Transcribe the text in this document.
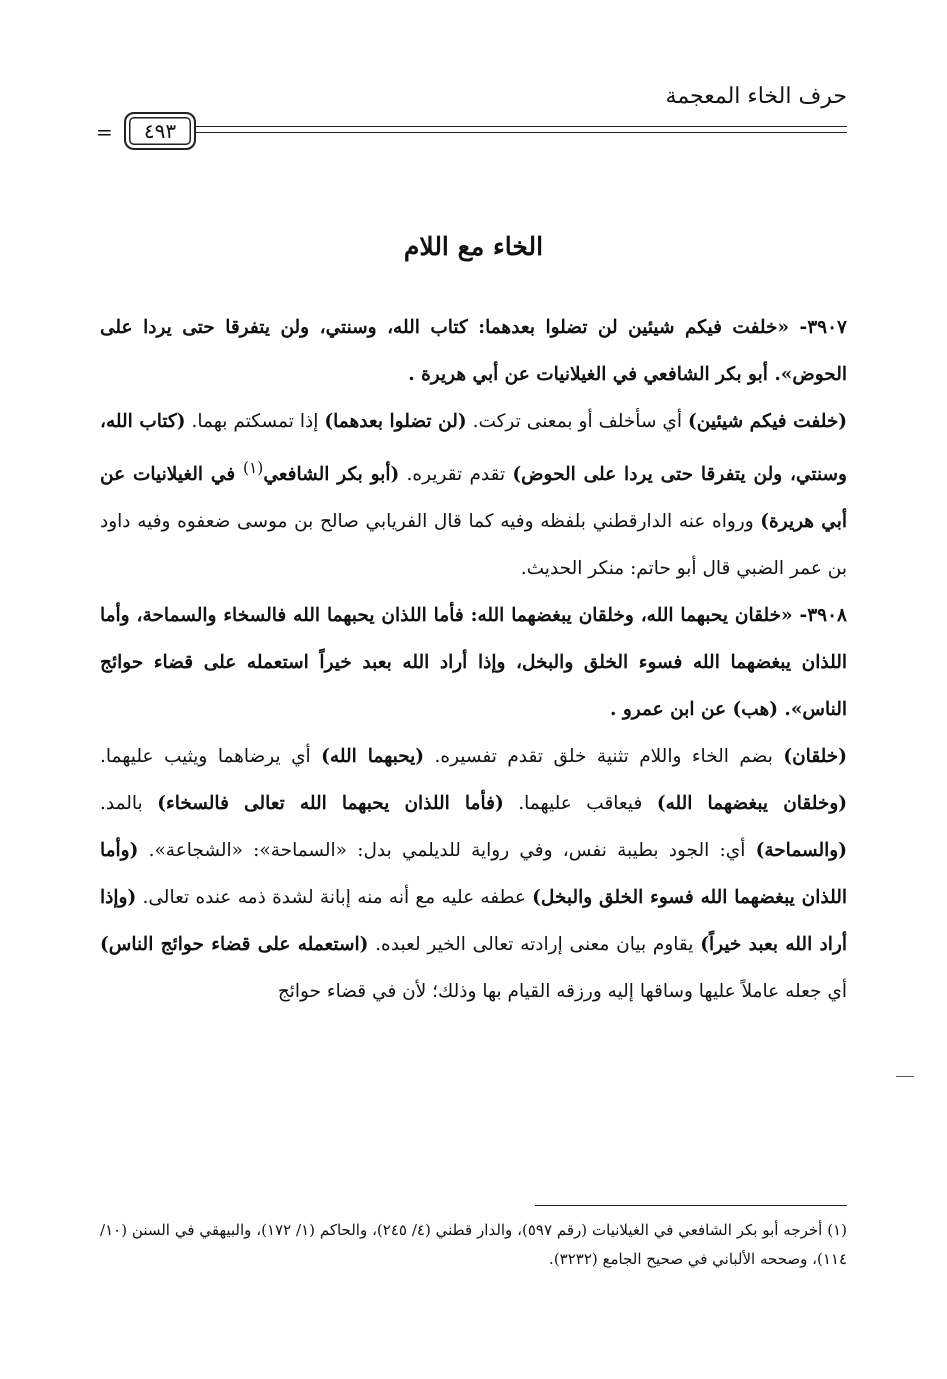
حرف الخاء المعجمة
٤٩٣
=
الخاء مع اللام

٣٩٠٧- «خلفت فيكم شيئين لن تضلوا بعدهما: كتاب الله، وسنتي، ولن يتفرقا حتى يردا على الحوض». أبو بكر الشافعي في الغيلانيات عن أبي هريرة .

(خلفت فيكم شيئين) أي سأخلف أو بمعنى تركت. (لن تضلوا بعدهما) إذا تمسكتم بهما. (كتاب الله، وسنتي، ولن يتفرقا حتى يردا على الحوض) تقدم تقريره. (أبو بكر الشافعي$^{(١)}$ في الغيلانيات عن أبي هريرة) ورواه عنه الدارقطني بلفظه وفيه كما قال الفريابي صالح بن موسى ضعفوه وفيه داود بن عمر الضبي قال أبو حاتم: منكر الحديث.

٣٩٠٨- «خلقان يحبهما الله، وخلقان يبغضهما الله: فأما اللذان يحبهما الله فالسخاء والسماحة، وأما اللذان يبغضهما الله فسوء الخلق والبخل، وإذا أراد الله بعبد خيراً استعمله على قضاء حوائج الناس». (هب) عن ابن عمرو .

(خلقان) بضم الخاء واللام تثنية خلق تقدم تفسيره. (يحبهما الله) أي يرضاهما ويثيب عليهما. (وخلقان يبغضهما الله) فيعاقب عليهما. (فأما اللذان يحبهما الله تعالى فالسخاء) بالمد. (والسماحة) أي: الجود بطيبة نفس، وفي رواية للديلمي بدل: «السماحة»: «الشجاعة». (وأما اللذان يبغضهما الله فسوء الخلق والبخل) عطفه عليه مع أنه منه إبانة لشدة ذمه عنده تعالى. (وإذا أراد الله بعبد خيراً) يقاوم بيان معنى إرادته تعالى الخير لعبده. (استعمله على قضاء حوائج الناس) أي جعله عاملاً عليها وساقها إليه ورزقه القيام بها وذلك؛ لأن في قضاء حوائج

(١) أخرجه أبو بكر الشافعي في الغيلانيات (رقم ٥٩٧)، والدار قطني (٤/ ٢٤٥)، والحاكم (١/ ١٧٢)، والبيهقي في السنن (١٠/ ١١٤)، وصححه الألباني في صحيح الجامع (٣٢٣٢).
